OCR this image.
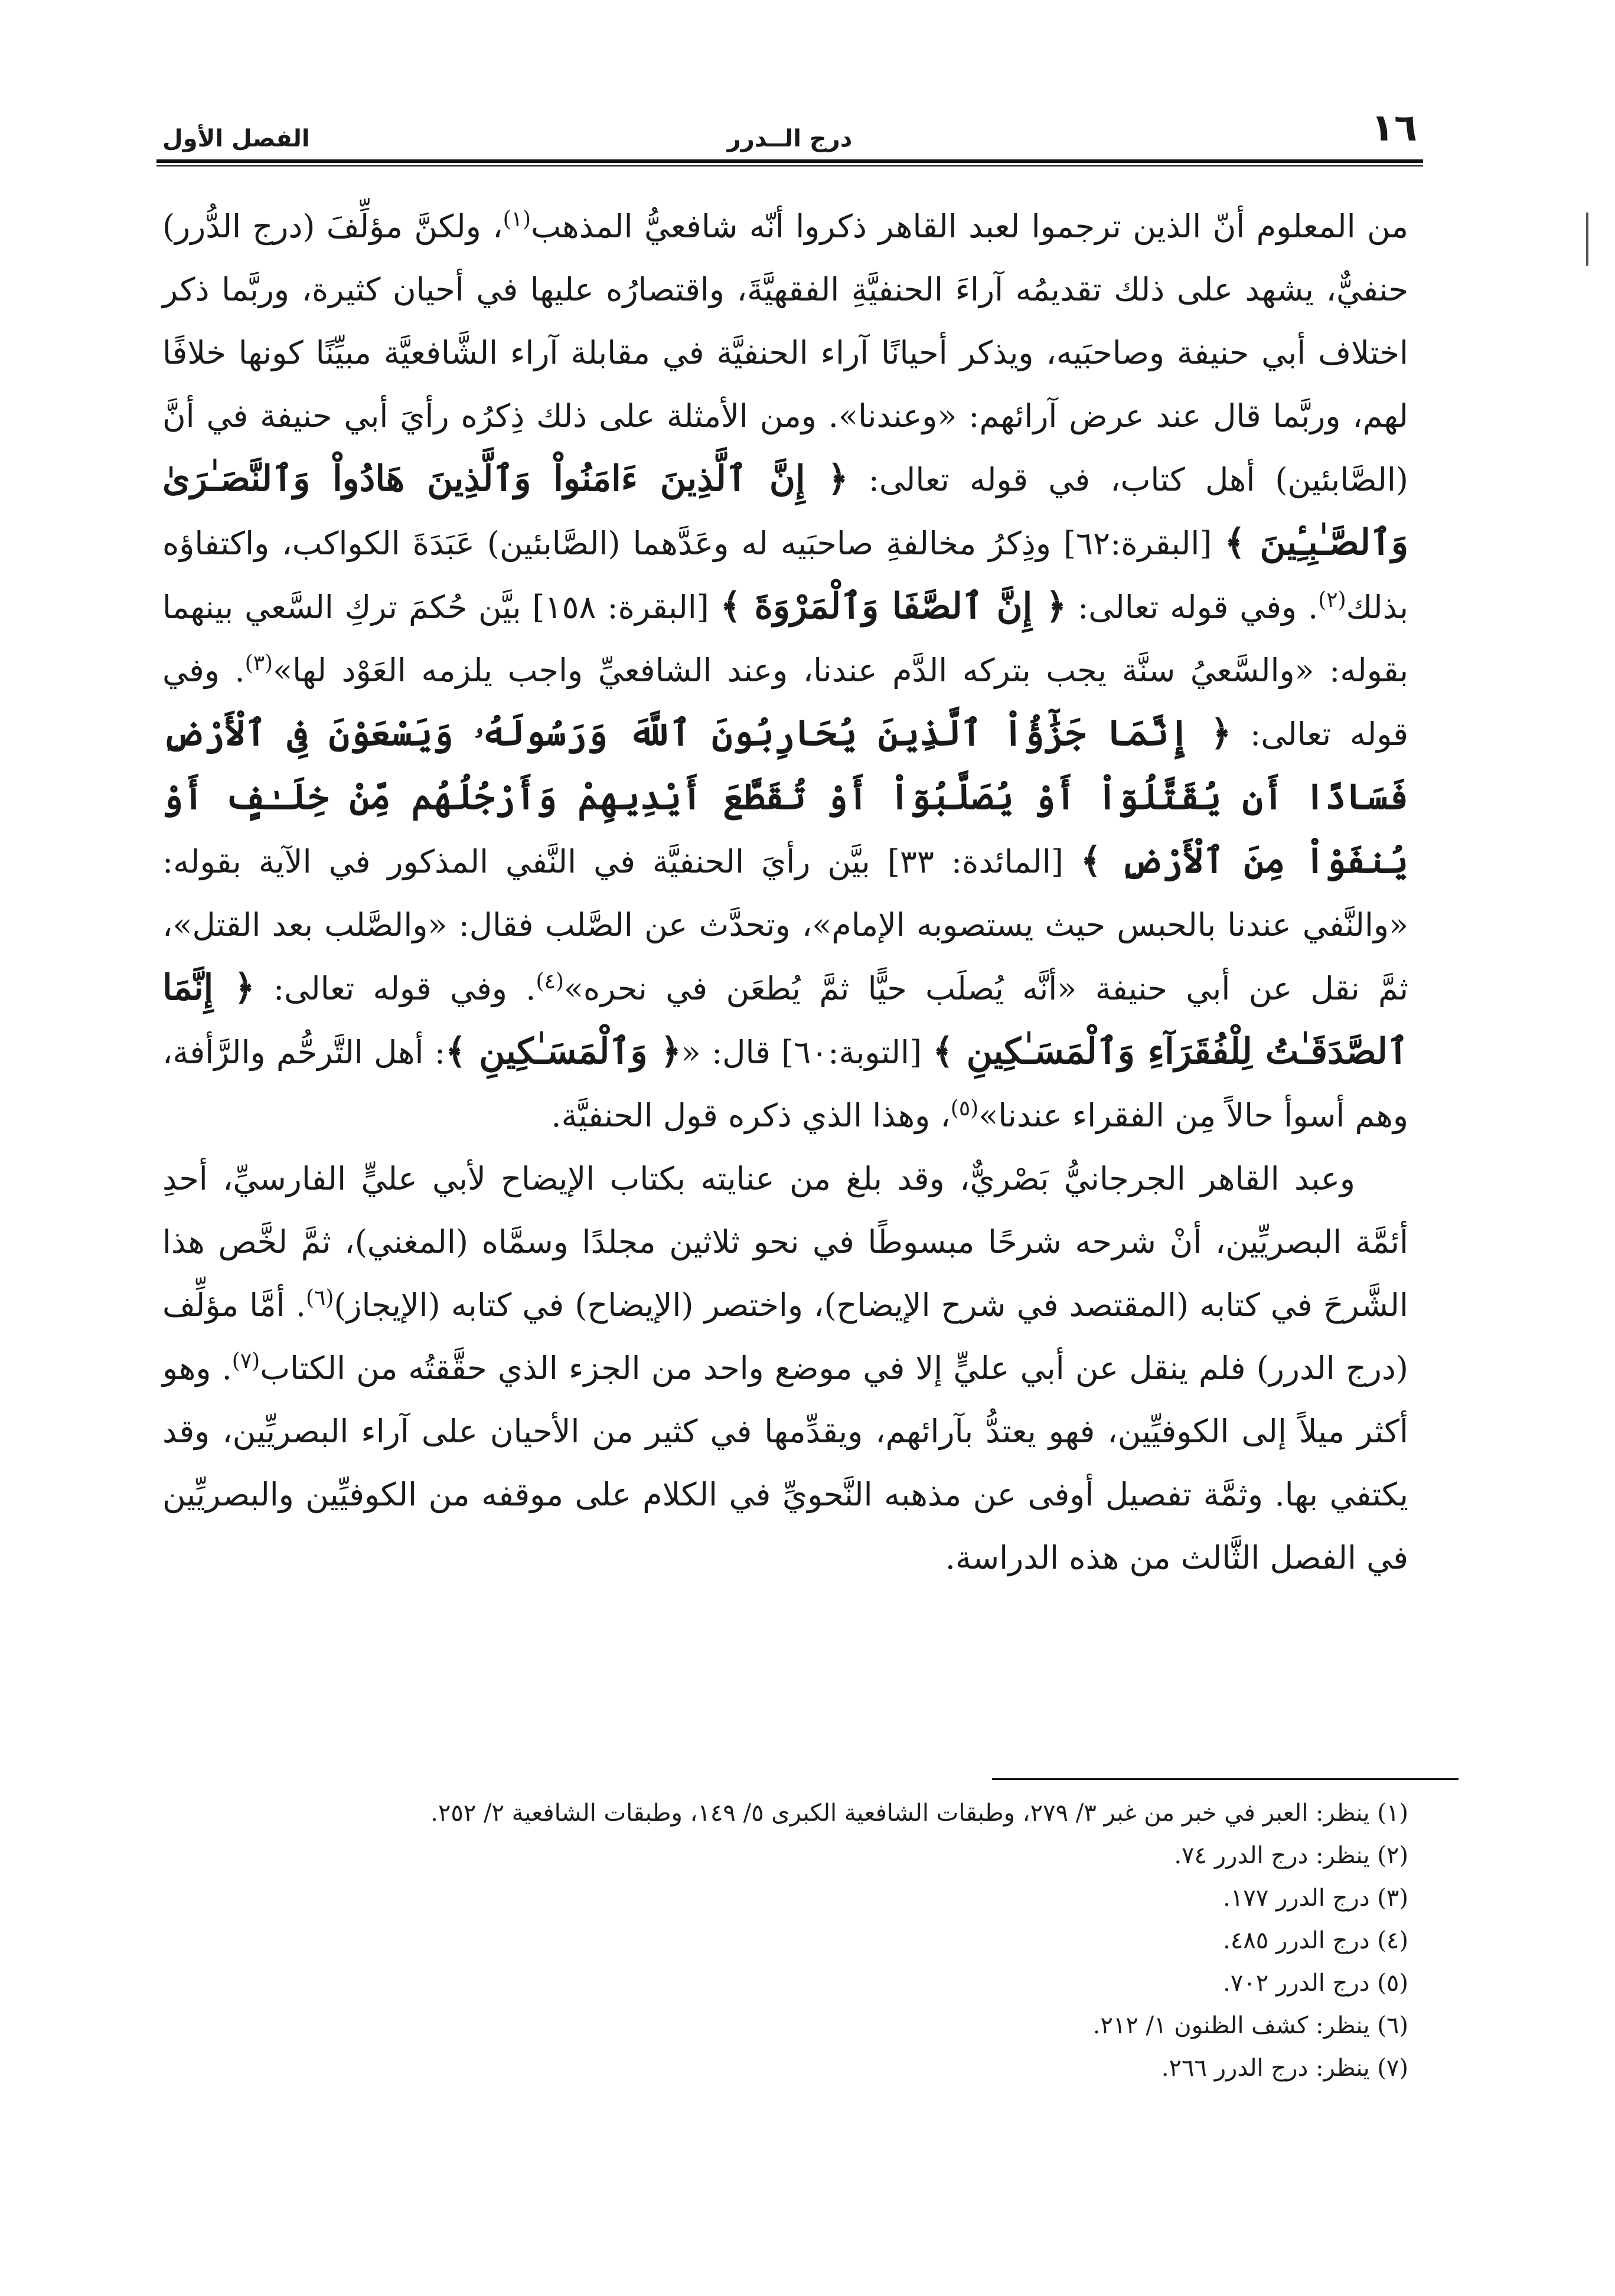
١٦
درج الــدرر
الفصل الأول

من المعلوم أنّ الذين ترجموا لعبد القاهر ذكروا أنّه شافعيُّ المذهب$^{(١)}$، ولكنَّ مؤلِّفَ (درج الدُّرر) حنفيٌّ، يشهد على ذلك تقديمُه آراءَ الحنفيَّةِ الفقهيَّةَ، واقتصارُه عليها في أحيان كثيرة، وربَّما ذكر اختلاف أبي حنيفة وصاحبَيه، ويذكر أحيانًا آراء الحنفيَّة في مقابلة آراء الشَّافعيَّة مبيِّنًا كونها خلافًا لهم، وربَّما قال عند عرض آرائهم: «وعندنا». ومن الأمثلة على ذلك ذِكرُه رأيَ أبي حنيفة في أنَّ (الصَّابئين) أهل كتاب، في قوله تعالى: ﴿ إِنَّ ٱلَّذِينَ ءَامَنُواْ وَٱلَّذِينَ هَادُواْ وَٱلنَّصَـٰرَىٰ وَٱلصَّـٰبِـِٔينَ ﴾ [البقرة:٦٢] وذِكرُ مخالفةِ صاحبَيه له وعَدَّهما (الصَّابئين) عَبَدَةَ الكواكب، واكتفاؤه بذلك$^{(٢)}$. وفي قوله تعالى: ﴿ إِنَّ ٱلصَّفَا وَٱلْمَرْوَةَ ﴾ [البقرة: ١٥٨] بيَّن حُكمَ تركِ السَّعي بينهما بقوله: «والسَّعيُ سنَّة يجب بتركه الدَّم عندنا، وعند الشافعيِّ واجب يلزمه العَوْد لها»$^{(٣)}$. وفي قوله تعالى: ﴿ إِنَّمَا جَزَٰٓؤُاْ ٱلَّذِينَ يُحَارِبُونَ ٱللَّهَ وَرَسُولَهُۥ وَيَسْعَوْنَ فِى ٱلْأَرْضِ فَسَادًا أَن يُقَتَّلُوٓاْ أَوْ يُصَلَّبُوٓاْ أَوْ تُقَطَّعَ أَيْدِيهِمْ وَأَرْجُلُهُم مِّنْ خِلَـٰفٍ أَوْ يُنفَوْاْ مِنَ ٱلْأَرْضِ ﴾ [المائدة: ٣٣] بيَّن رأيَ الحنفيَّة في النَّفي المذكور في الآية بقوله: «والنَّفي عندنا بالحبس حيث يستصوبه الإمام»، وتحدَّث عن الصَّلب فقال: «والصَّلب بعد القتل»، ثمَّ نقل عن أبي حنيفة «أنَّه يُصلَب حيًّا ثمَّ يُطعَن في نحره»$^{(٤)}$. وفي قوله تعالى: ﴿ إِنَّمَا ٱلصَّدَقَـٰتُ لِلْفُقَرَآءِ وَٱلْمَسَـٰكِينِ ﴾ [التوبة:٦٠] قال: «﴿ وَٱلْمَسَـٰكِينِ ﴾: أهل التَّرحُّم والرَّأفة، وهم أسوأ حالاً مِن الفقراء عندنا»$^{(٥)}$، وهذا الذي ذكره قول الحنفيَّة.

وعبد القاهر الجرجانيُّ بَصْريٌّ، وقد بلغ من عنايته بكتاب الإيضاح لأبي عليٍّ الفارسيِّ، أحدِ أئمَّة البصريِّين، أنْ شرحه شرحًا مبسوطًا في نحو ثلاثين مجلدًا وسمَّاه (المغني)، ثمَّ لخَّص هذا الشَّرحَ في كتابه (المقتصد في شرح الإيضاح)، واختصر (الإيضاح) في كتابه (الإيجاز)$^{(٦)}$. أمَّا مؤلِّف (درج الدرر) فلم ينقل عن أبي عليٍّ إلا في موضع واحد من الجزء الذي حقَّقتُه من الكتاب$^{(٧)}$. وهو أكثر ميلاً إلى الكوفيِّين، فهو يعتدُّ بآرائهم، ويقدِّمها في كثير من الأحيان على آراء البصريِّين، وقد يكتفي بها. وثمَّة تفصيل أوفى عن مذهبه النَّحويِّ في الكلام على موقفه من الكوفيِّين والبصريِّين في الفصل الثَّالث من هذه الدراسة.

(١) ينظر: العبر في خبر من غبر ٣/ ٢٧٩، وطبقات الشافعية الكبرى ٥/ ١٤٩، وطبقات الشافعية ٢/ ٢٥٢.

(٢) ينظر: درج الدرر ٧٤.

(٣) درج الدرر ١٧٧.

(٤) درج الدرر ٤٨٥.

(٥) درج الدرر ٧٠٢.

(٦) ينظر: كشف الظنون ١/ ٢١٢.

(٧) ينظر: درج الدرر ٢٦٦.
